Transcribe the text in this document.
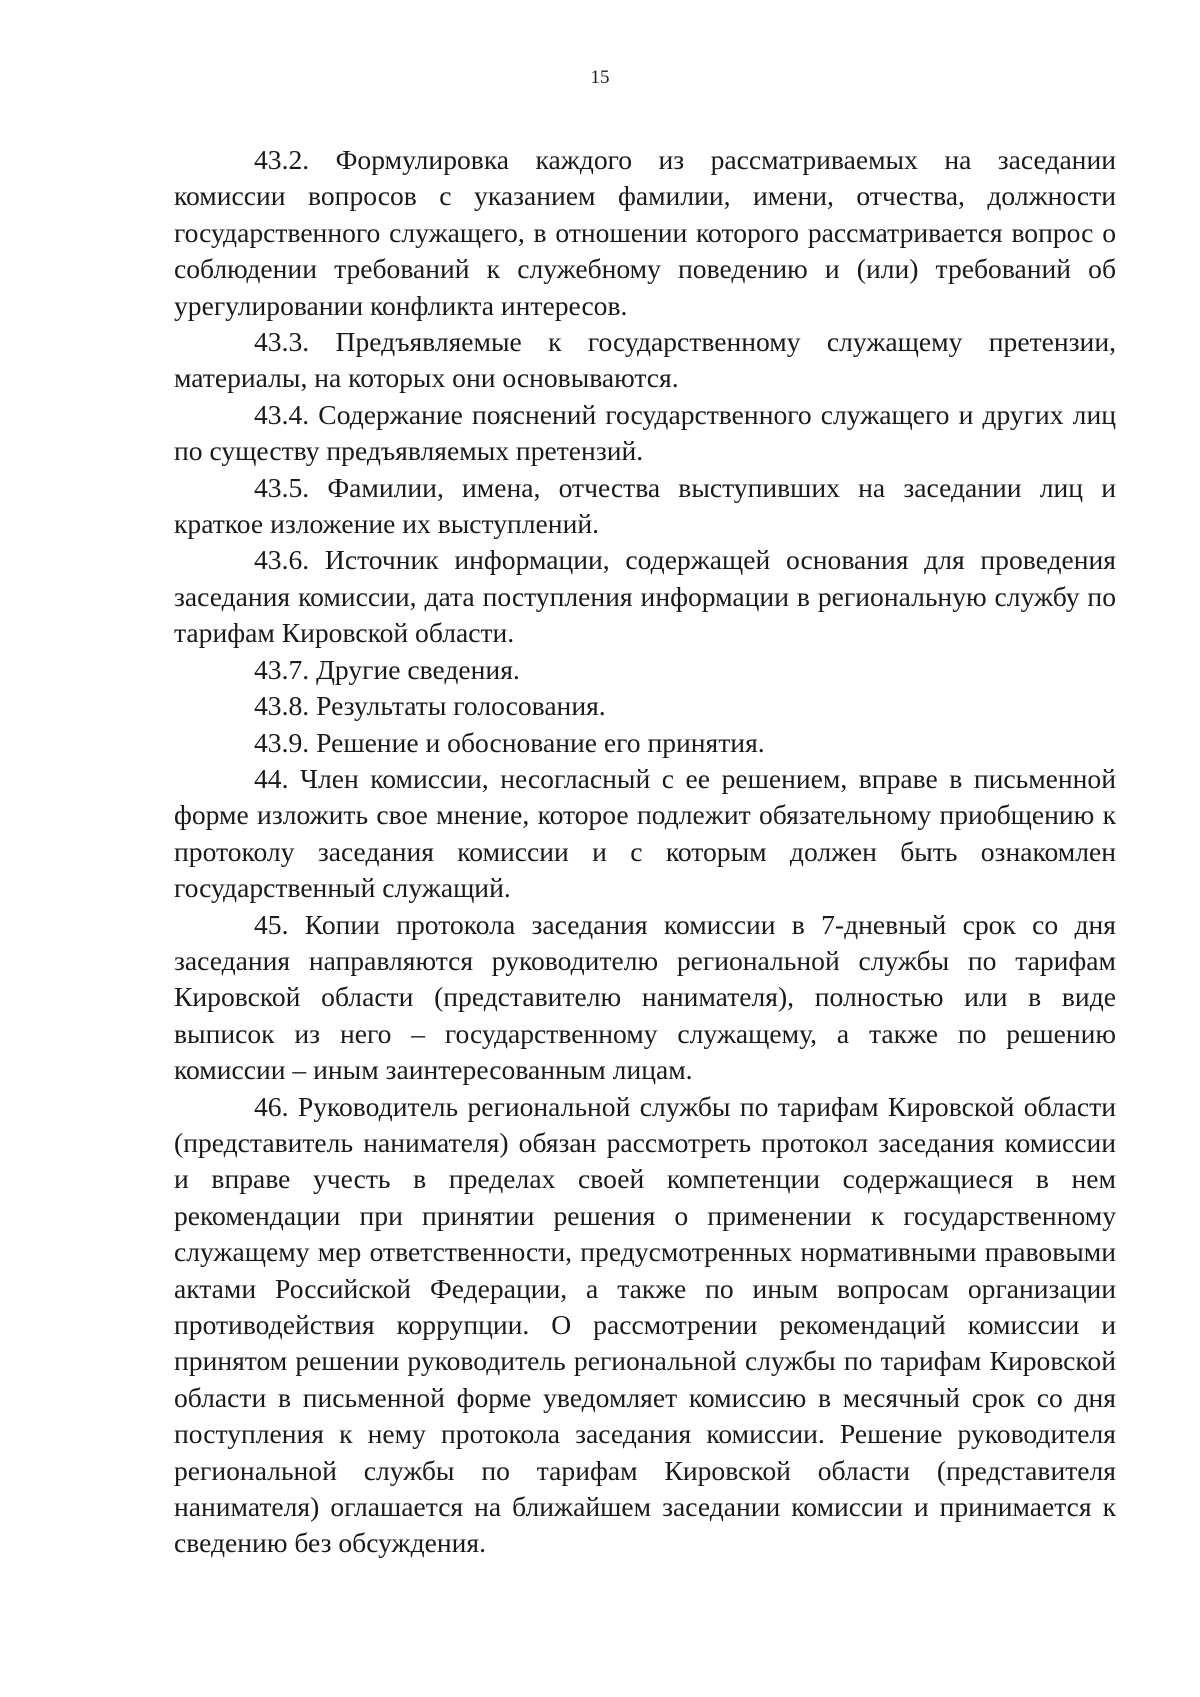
15

43.2. Формулировка каждого из рассматриваемых на заседании комиссии вопросов с указанием фамилии, имени, отчества, должности государственного служащего, в отношении которого рассматривается вопрос о соблюдении требований к служебному поведению и (или) требований об урегулировании конфликта интересов.

43.3. Предъявляемые к государственному служащему претензии, материалы, на которых они основываются.

43.4. Содержание пояснений государственного служащего и других лиц по существу предъявляемых претензий.

43.5. Фамилии, имена, отчества выступивших на заседании лиц и краткое изложение их выступлений.

43.6. Источник информации, содержащей основания для проведения заседания комиссии, дата поступления информации в региональную службу по тарифам Кировской области.

43.7. Другие сведения.

43.8. Результаты голосования.

43.9. Решение и обоснование его принятия.

44. Член комиссии, несогласный с ее решением, вправе в письменной форме изложить свое мнение, которое подлежит обязательному приобщению к протоколу заседания комиссии и с которым должен быть ознакомлен государственный служащий.

45. Копии протокола заседания комиссии в 7-дневный срок со дня заседания направляются руководителю региональной службы по тарифам Кировской области (представителю нанимателя), полностью или в виде выписок из него – государственному служащему, а также по решению комиссии – иным заинтересованным лицам.

46. Руководитель региональной службы по тарифам Кировской области (представитель нанимателя) обязан рассмотреть протокол заседания комиссии и вправе учесть в пределах своей компетенции содержащиеся в нем рекомендации при принятии решения о применении к государственному служащему мер ответственности, предусмотренных нормативными правовыми актами Российской Федерации, а также по иным вопросам организации противодействия коррупции. О рассмотрении рекомендаций комиссии и принятом решении руководитель региональной службы по тарифам Кировской области в письменной форме уведомляет комиссию в месячный срок со дня поступления к нему протокола заседания комиссии. Решение руководителя региональной службы по тарифам Кировской области (представителя нанимателя) оглашается на ближайшем заседании комиссии и принимается к сведению без обсуждения.
